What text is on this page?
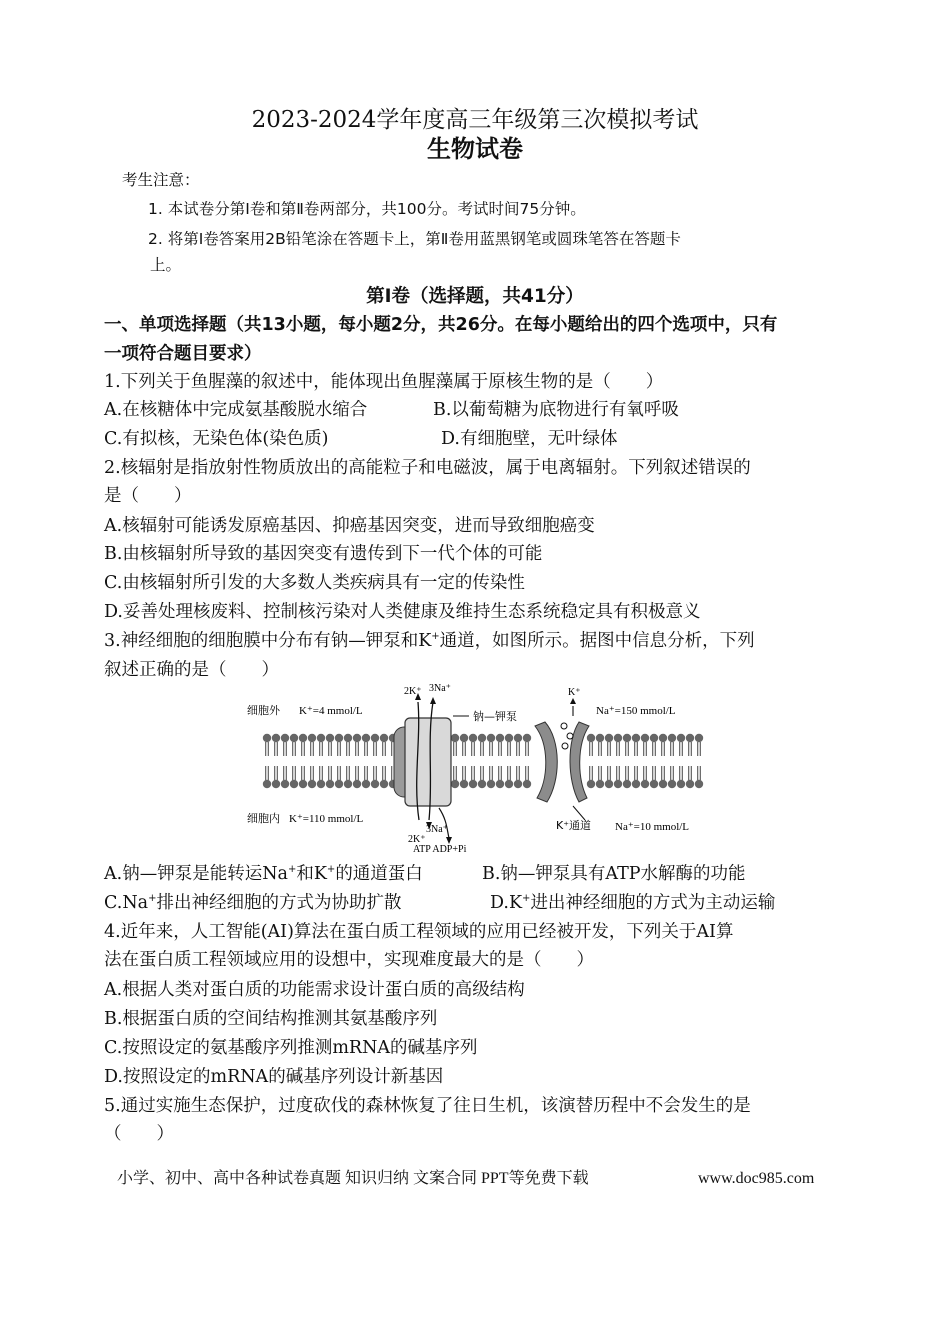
2023-2024学年度高三年级第三次模拟考试
生物试卷
考生注意：
1. 本试卷分第Ⅰ卷和第Ⅱ卷两部分，共100分。考试时间75分钟。
2. 将第Ⅰ卷答案用2B铅笔涂在答题卡上，第Ⅱ卷用蓝黑钢笔或圆珠笔答在答题卡
上。
第Ⅰ卷（选择题，共41分）
一、单项选择题（共13小题，每小题2分，共26分。在每小题给出的四个选项中，只有
一项符合题目要求）
1.下列关于鱼腥藻的叙述中，能体现出鱼腥藻属于原核生物的是（　　）
A.在核糖体中完成氨基酸脱水缩合	B.以葡萄糖为底物进行有氧呼吸
C.有拟核，无染色体(染色质)	D.有细胞壁，无叶绿体
2.核辐射是指放射性物质放出的高能粒子和电磁波，属于电离辐射。下列叙述错误的
是（　　）
A.核辐射可能诱发原癌基因、抑癌基因突变，进而导致细胞癌变
B.由核辐射所导致的基因突变有遗传到下一代个体的可能
C.由核辐射所引发的大多数人类疾病具有一定的传染性
D.妥善处理核废料、控制核污染对人类健康及维持生态系统稳定具有积极意义
3.神经细胞的细胞膜中分布有钠—钾泵和K+通道，如图所示。据图中信息分析，下列
叙述正确的是（　　）
细胞外 K⁺=4 mmol/L	Na⁺=150 mmol/L
钠—钾泵
2K⁺ 3Na⁺	K⁺
细胞内 K⁺=110 mmol/L
Na⁺=10 mmol/L
K⁺通道
2K⁺
3Na⁺
ATP ADP+Pi
A.钠—钾泵是能转运Na+和K+的通道蛋白	B.钠—钾泵具有ATP水解酶的功能
C.Na+排出神经细胞的方式为协助扩散	D.K+进出神经细胞的方式为主动运输
4.近年来，人工智能(AI)算法在蛋白质工程领域的应用已经被开发，下列关于AI算
法在蛋白质工程领域应用的设想中，实现难度最大的是（　　）
A.根据人类对蛋白质的功能需求设计蛋白质的高级结构
B.根据蛋白质的空间结构推测其氨基酸序列
C.按照设定的氨基酸序列推测mRNA的碱基序列
D.按照设定的mRNA的碱基序列设计新基因
5.通过实施生态保护，过度砍伐的森林恢复了往日生机，该演替历程中不会发生的是
（　　）
小学、初中、高中各种试卷真题 知识归纳 文案合同 PPT等免费下载	www.doc985.com
